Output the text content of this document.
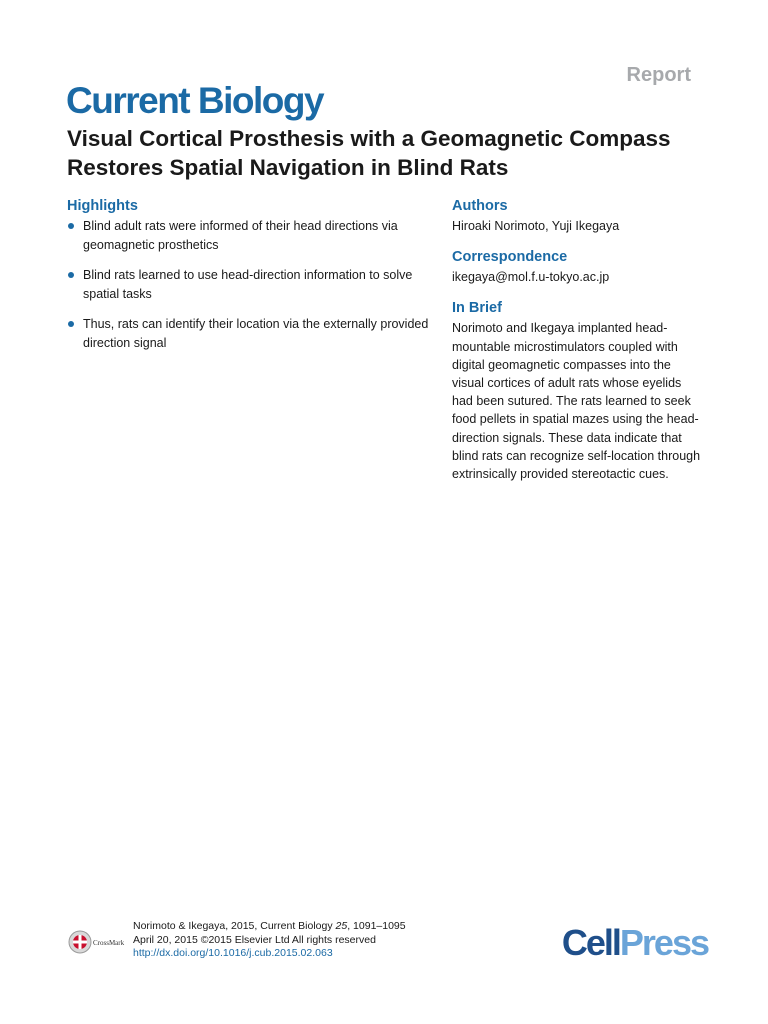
Report
Current Biology
Visual Cortical Prosthesis with a Geomagnetic Compass Restores Spatial Navigation in Blind Rats
Highlights
Blind adult rats were informed of their head directions via geomagnetic prosthetics
Blind rats learned to use head-direction information to solve spatial tasks
Thus, rats can identify their location via the externally provided direction signal
Authors
Hiroaki Norimoto, Yuji Ikegaya
Correspondence
ikegaya@mol.f.u-tokyo.ac.jp
In Brief
Norimoto and Ikegaya implanted head-mountable microstimulators coupled with digital geomagnetic compasses into the visual cortices of adult rats whose eyelids had been sutured. The rats learned to seek food pellets in spatial mazes using the head-direction signals. These data indicate that blind rats can recognize self-location through extrinsically provided stereotactic cues.
CrossMark
Norimoto & Ikegaya, 2015, Current Biology 25, 1091–1095
April 20, 2015 ©2015 Elsevier Ltd All rights reserved
http://dx.doi.org/10.1016/j.cub.2015.02.063	CellPress
